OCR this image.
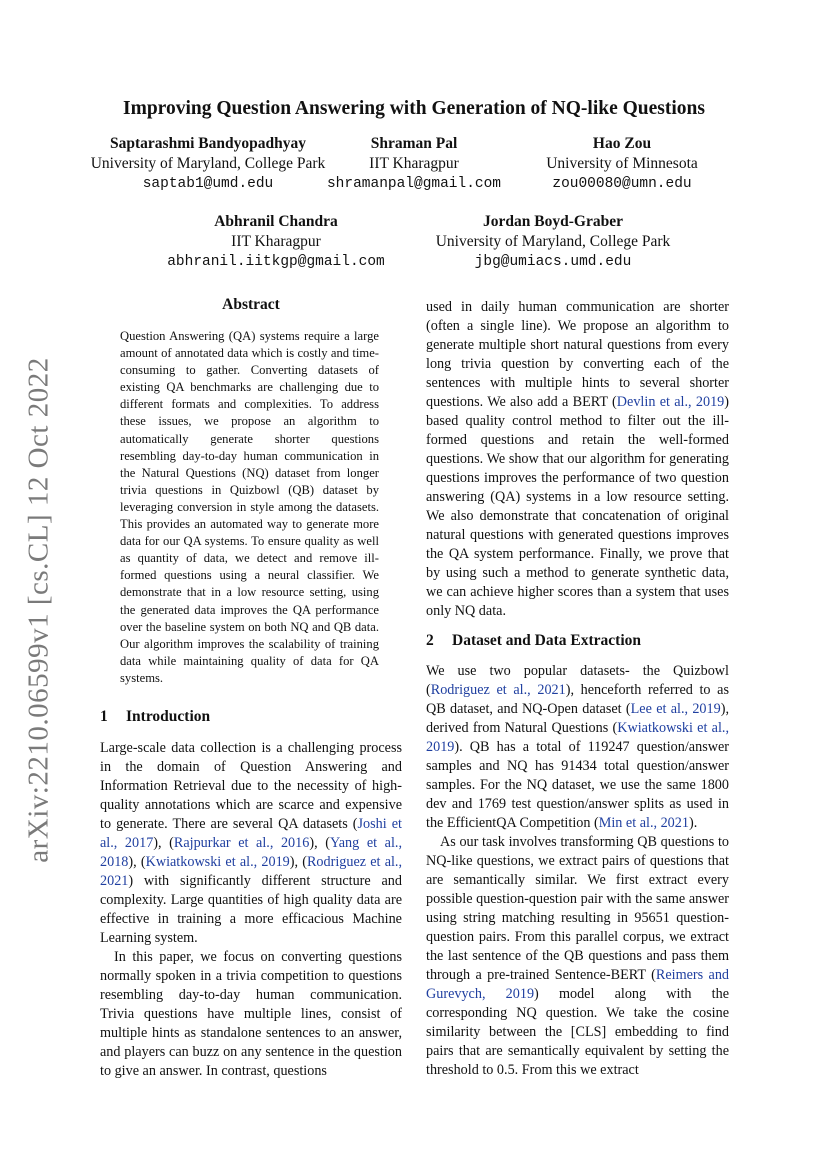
arXiv:2210.06599v1 [cs.CL] 12 Oct 2022
Improving Question Answering with Generation of NQ-like Questions
Saptarashmi Bandyopadhyay
University of Maryland, College Park
saptab1@umd.edu
Shraman Pal
IIT Kharagpur
shramanpal@gmail.com
Hao Zou
University of Minnesota
zou00080@umn.edu
Abhranil Chandra
IIT Kharagpur
abhranil.iitkgp@gmail.com
Jordan Boyd-Graber
University of Maryland, College Park
jbg@umiacs.umd.edu
Abstract
Question Answering (QA) systems require a large amount of annotated data which is costly and time-consuming to gather. Converting datasets of existing QA benchmarks are challenging due to different formats and complexities. To address these issues, we propose an algorithm to automatically generate shorter questions resembling day-to-day human communication in the Natural Questions (NQ) dataset from longer trivia questions in Quizbowl (QB) dataset by leveraging conversion in style among the datasets. This provides an automated way to generate more data for our QA systems. To ensure quality as well as quantity of data, we detect and remove ill-formed questions using a neural classifier. We demonstrate that in a low resource setting, using the generated data improves the QA performance over the baseline system on both NQ and QB data. Our algorithm improves the scalability of training data while maintaining quality of data for QA systems.
1 Introduction

Large-scale data collection is a challenging process in the domain of Question Answering and Information Retrieval due to the necessity of high-quality annotations which are scarce and expensive to generate. There are several QA datasets (Joshi et al., 2017), (Rajpurkar et al., 2016), (Yang et al., 2018), (Kwiatkowski et al., 2019), (Rodriguez et al., 2021) with significantly different structure and complexity. Large quantities of high quality data are effective in training a more efficacious Machine Learning system.

In this paper, we focus on converting questions normally spoken in a trivia competition to questions resembling day-to-day human communication. Trivia questions have multiple lines, consist of multiple hints as standalone sentences to an answer, and players can buzz on any sentence in the question to give an answer. In contrast, questions

used in daily human communication are shorter (often a single line). We propose an algorithm to generate multiple short natural questions from every long trivia question by converting each of the sentences with multiple hints to several shorter questions. We also add a BERT (Devlin et al., 2019) based quality control method to filter out the ill-formed questions and retain the well-formed questions. We show that our algorithm for generating questions improves the performance of two question answering (QA) systems in a low resource setting. We also demonstrate that concatenation of original natural questions with generated questions improves the QA system performance. Finally, we prove that by using such a method to generate synthetic data, we can achieve higher scores than a system that uses only NQ data.

2 Dataset and Data Extraction

We use two popular datasets- the Quizbowl (Rodriguez et al., 2021), henceforth referred to as QB dataset, and NQ-Open dataset (Lee et al., 2019), derived from Natural Questions (Kwiatkowski et al., 2019). QB has a total of 119247 question/answer samples and NQ has 91434 total question/answer samples. For the NQ dataset, we use the same 1800 dev and 1769 test question/answer splits as used in the EfficientQA Competition (Min et al., 2021).

As our task involves transforming QB questions to NQ-like questions, we extract pairs of questions that are semantically similar. We first extract every possible question-question pair with the same answer using string matching resulting in 95651 question-question pairs. From this parallel corpus, we extract the last sentence of the QB questions and pass them through a pre-trained Sentence-BERT (Reimers and Gurevych, 2019) model along with the corresponding NQ question. We take the cosine similarity between the [CLS] embedding to find pairs that are semantically equivalent by setting the threshold to 0.5. From this we extract
